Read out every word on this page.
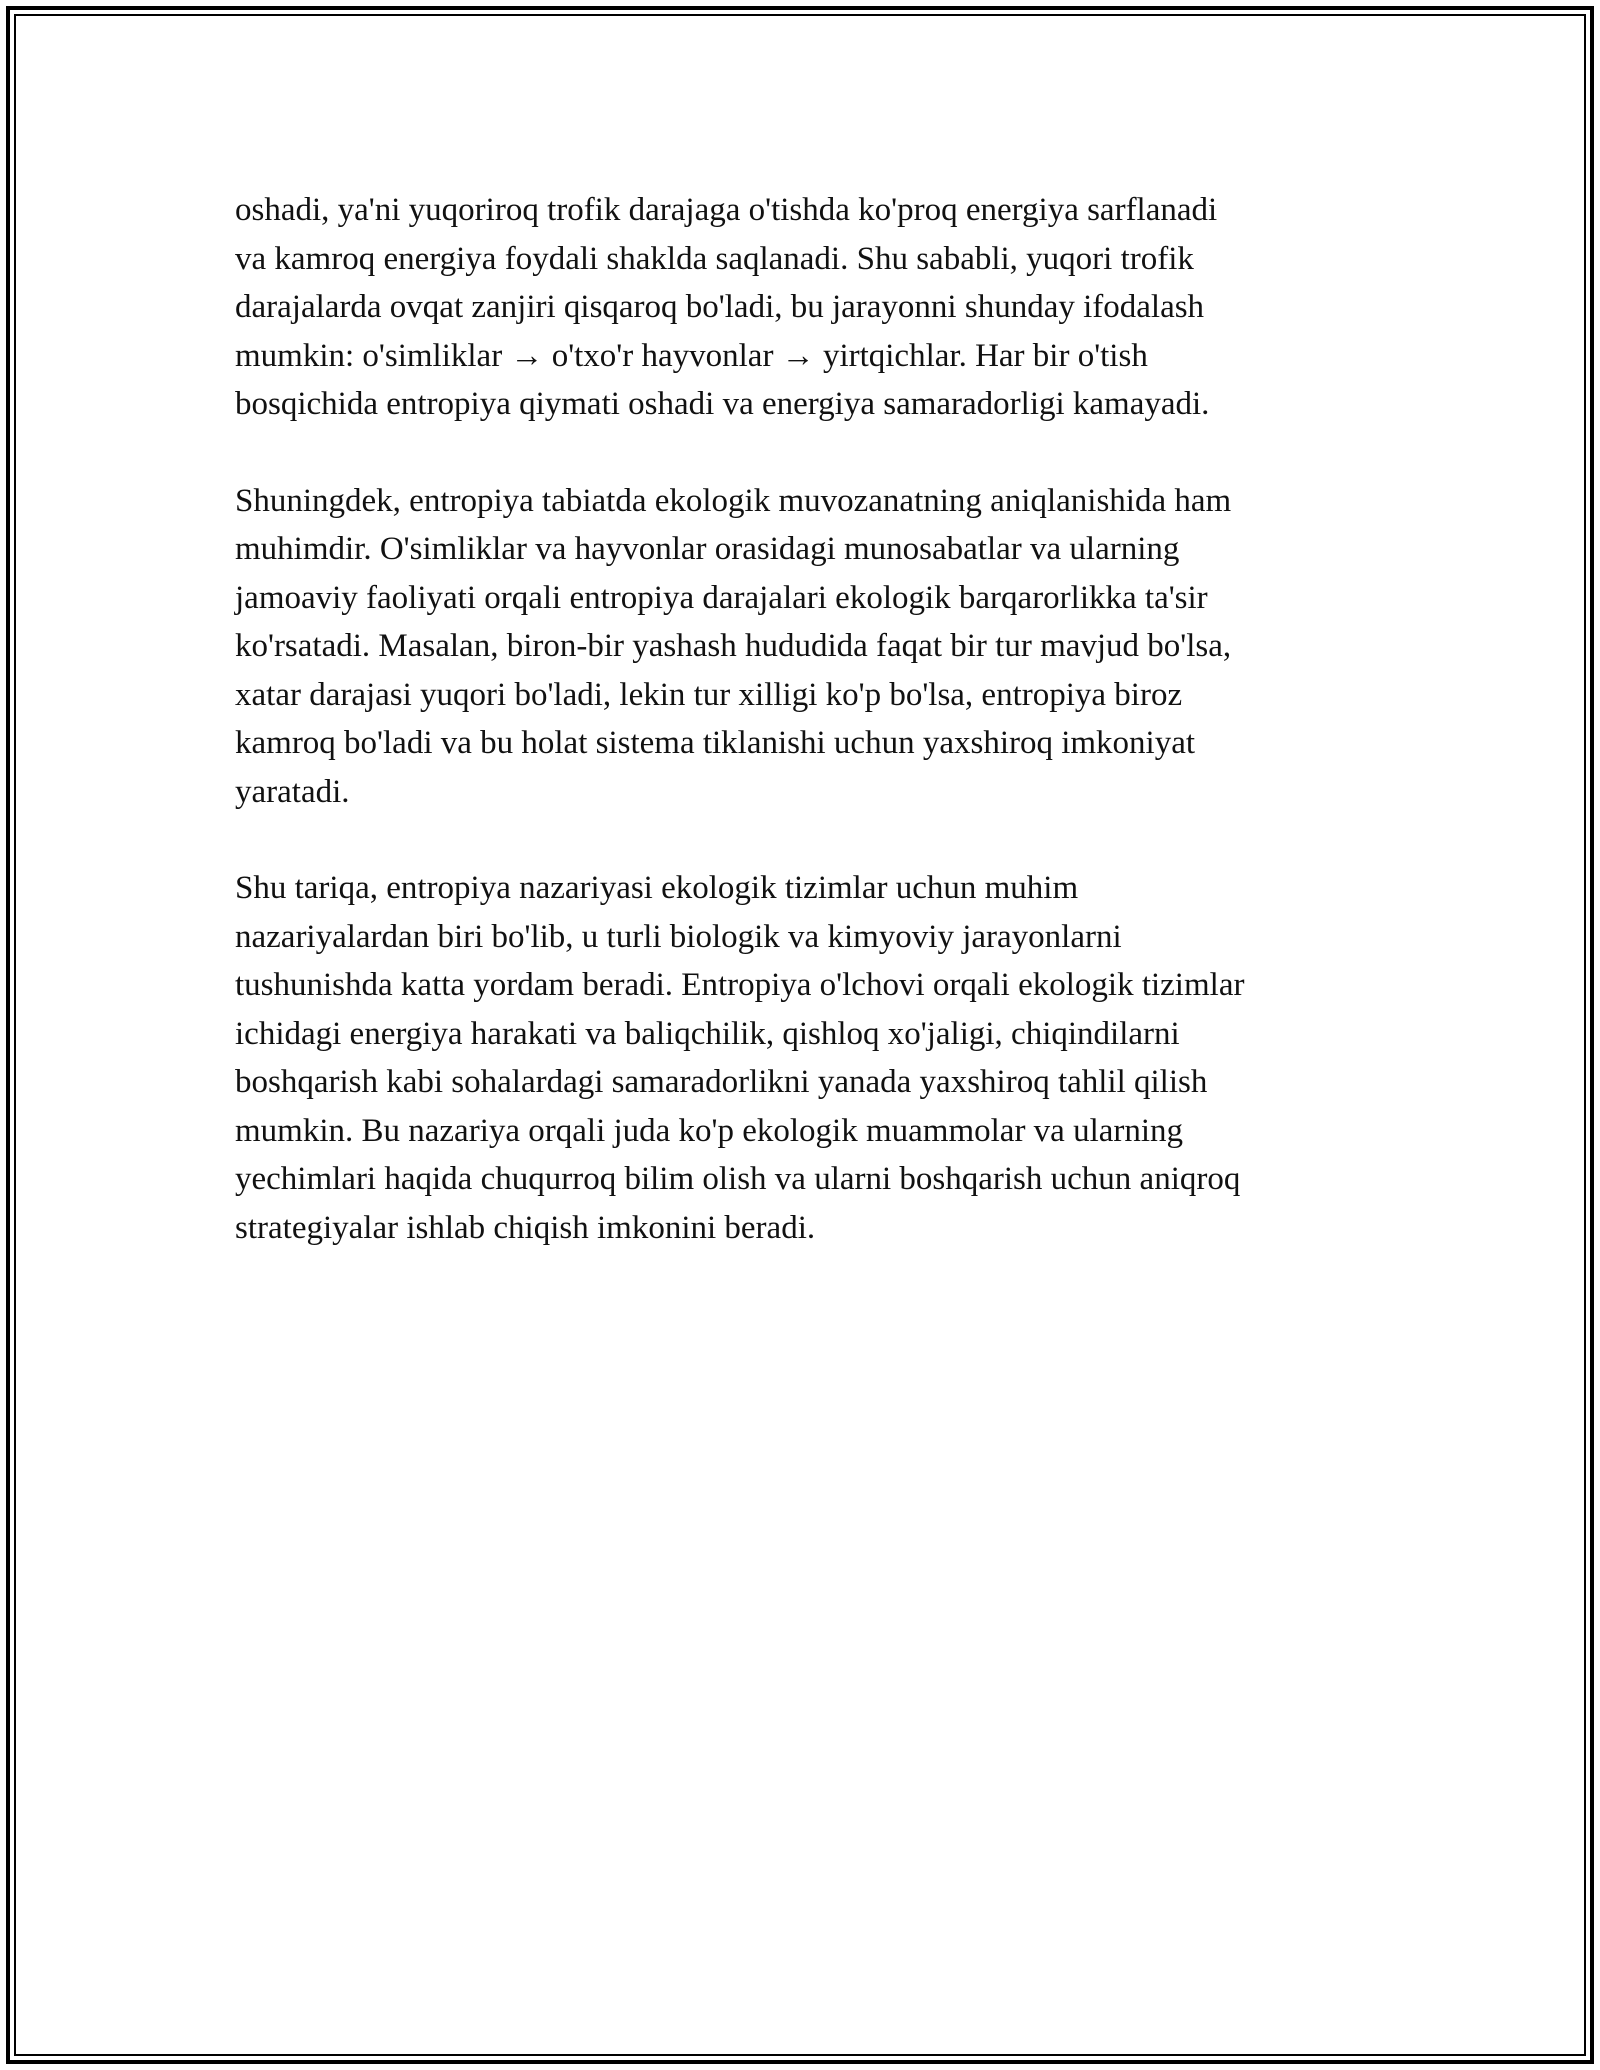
oshadi, ya'ni yuqoriroq trofik darajaga o'tishda ko'proq energiya sarflanadi
va kamroq energiya foydali shaklda saqlanadi. Shu sababli, yuqori trofik
darajalarda ovqat zanjiri qisqaroq bo'ladi, bu jarayonni shunday ifodalash
mumkin: o'simliklar → o'txo'r hayvonlar → yirtqichlar. Har bir o'tish
bosqichida entropiya qiymati oshadi va energiya samaradorligi kamayadi.

Shuningdek, entropiya tabiatda ekologik muvozanatning aniqlanishida ham
muhimdir. O'simliklar va hayvonlar orasidagi munosabatlar va ularning
jamoaviy faoliyati orqali entropiya darajalari ekologik barqarorlikka ta'sir
ko'rsatadi. Masalan, biron-bir yashash hududida faqat bir tur mavjud bo'lsa,
xatar darajasi yuqori bo'ladi, lekin tur xilligi ko'p bo'lsa, entropiya biroz
kamroq bo'ladi va bu holat sistema tiklanishi uchun yaxshiroq imkoniyat
yaratadi.

Shu tariqa, entropiya nazariyasi ekologik tizimlar uchun muhim
nazariyalardan biri bo'lib, u turli biologik va kimyoviy jarayonlarni
tushunishda katta yordam beradi. Entropiya o'lchovi orqali ekologik tizimlar
ichidagi energiya harakati va baliqchilik, qishloq xo'jaligi, chiqindilarni
boshqarish kabi sohalardagi samaradorlikni yanada yaxshiroq tahlil qilish
mumkin. Bu nazariya orqali juda ko'p ekologik muammolar va ularning
yechimlari haqida chuqurroq bilim olish va ularni boshqarish uchun aniqroq
strategiyalar ishlab chiqish imkonini beradi.
